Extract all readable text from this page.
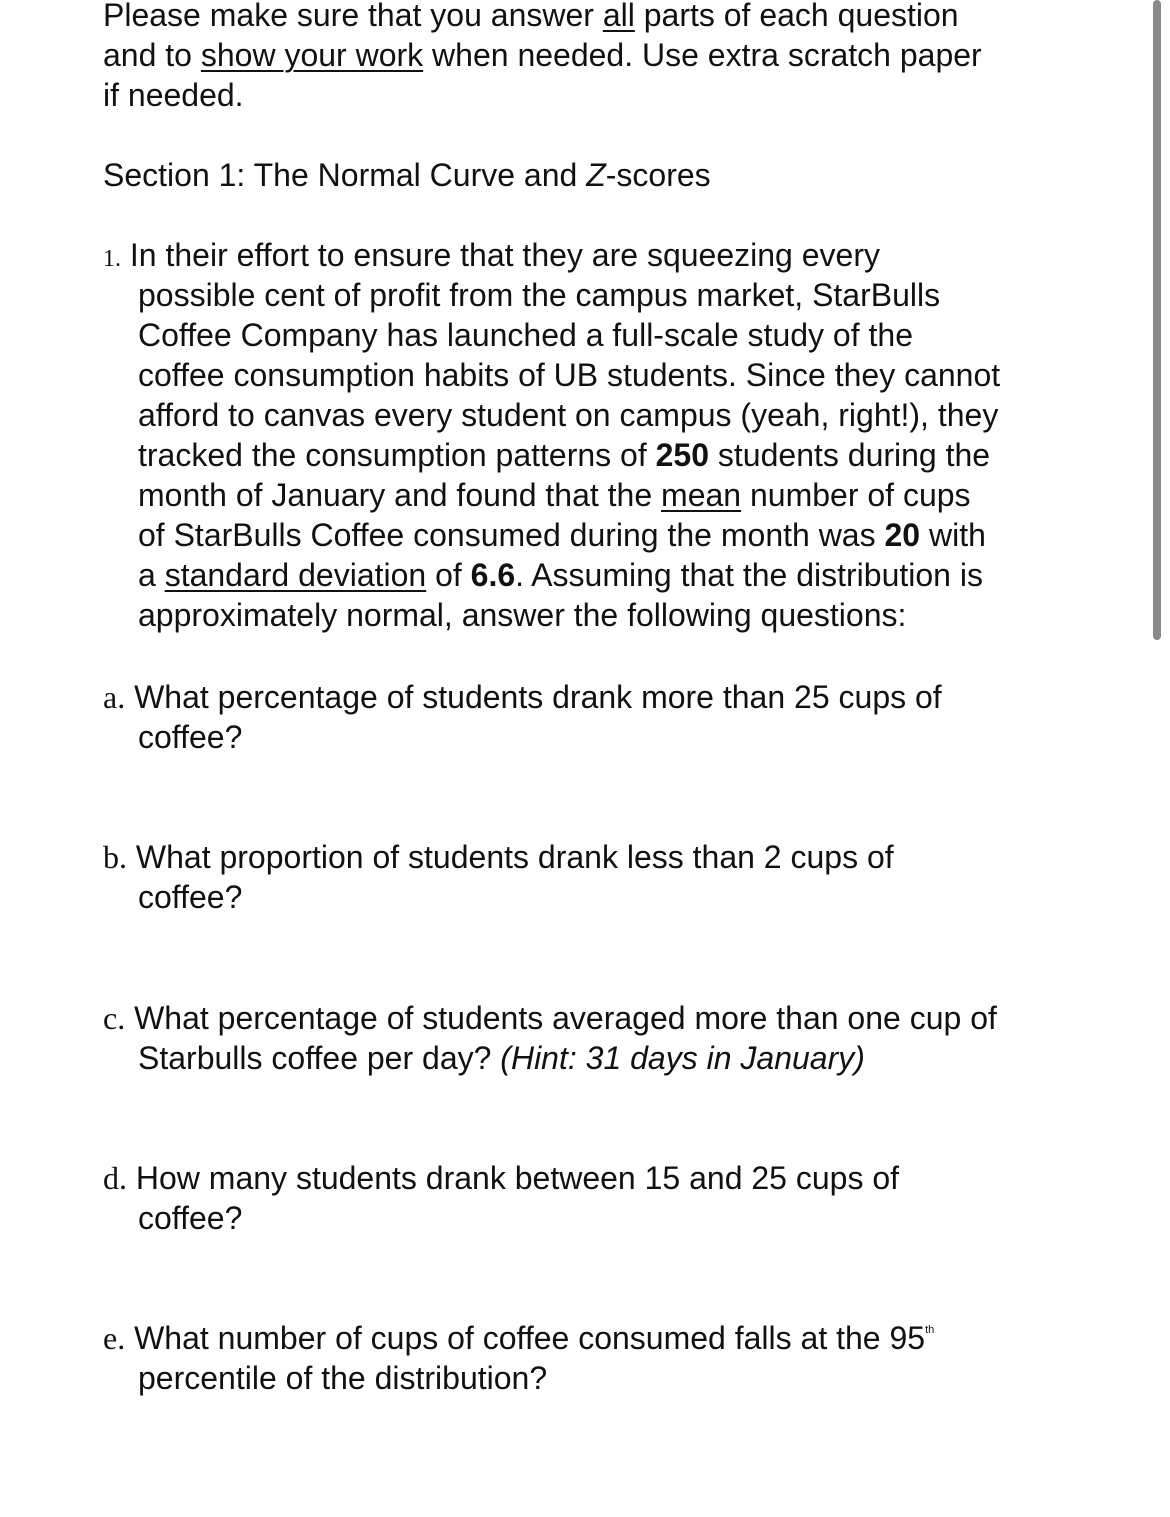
Please make sure that you answer all parts of each question

and to show your work when needed. Use extra scratch paper

if needed.

Section 1: The Normal Curve and Z-scores

1. In their effort to ensure that they are squeezing every

possible cent of profit from the campus market, StarBulls

Coffee Company has launched a full-scale study of the

coffee consumption habits of UB students. Since they cannot

afford to canvas every student on campus (yeah, right!), they

tracked the consumption patterns of 250 students during the

month of January and found that the mean number of cups

of StarBulls Coffee consumed during the month was 20 with

a standard deviation of 6.6. Assuming that the distribution is

approximately normal, answer the following questions:

a. What percentage of students drank more than 25 cups of

coffee?

b. What proportion of students drank less than 2 cups of

coffee?

c. What percentage of students averaged more than one cup of

Starbulls coffee per day? (Hint: 31 days in January)

d. How many students drank between 15 and 25 cups of

coffee?

e. What number of cups of coffee consumed falls at the 95th

percentile of the distribution?
